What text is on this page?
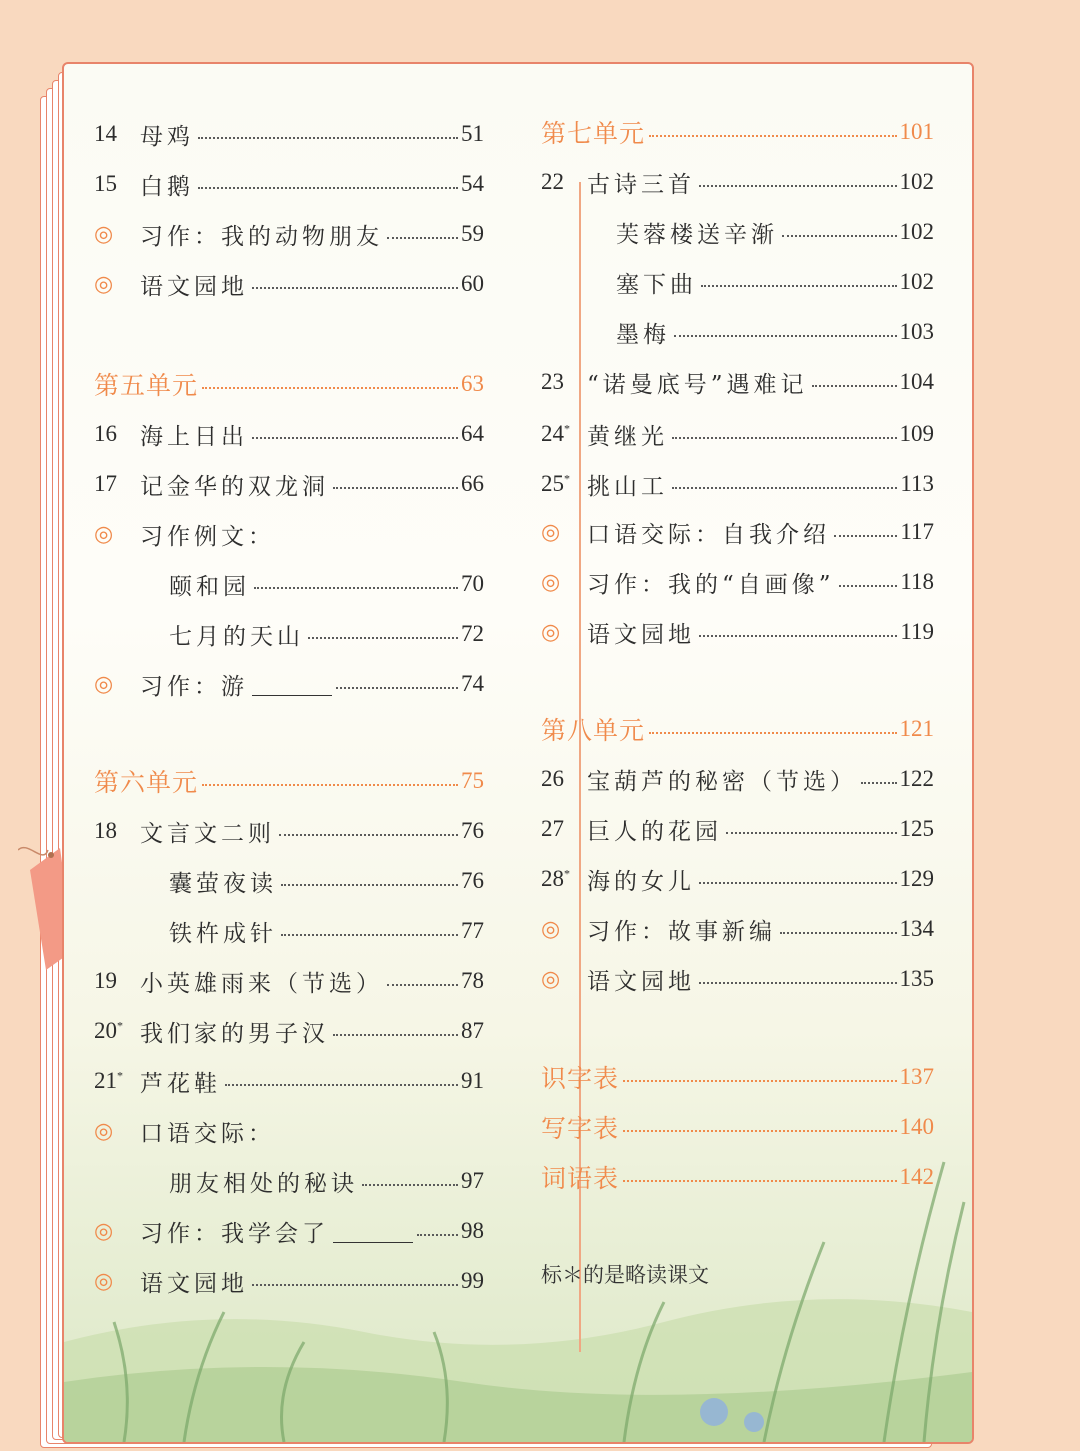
14	母鸡	51
15	白鹅	54
◎	习作：我的动物朋友	59
◎	语文园地	60
第五单元	63
16	海上日出	64
17	记金华的双龙洞	66
◎	习作例文：
颐和园	70
七月的天山	72
◎	习作：游	74
第六单元	75
18	文言文二则	76
囊萤夜读	76
铁杵成针	77
19	小英雄雨来（节选）	78
20* 我们家的男子汉	87
21* 芦花鞋	91
◎	口语交际：
朋友相处的秘诀	97
◎	习作：我学会了	98
◎	语文园地	99
第七单元	101
22	古诗三首	102
芙蓉楼送辛渐	102
塞下曲	102
墨梅	103
23	“诺曼底号”遇难记	104
24* 黄继光	109
25* 挑山工	113
◎	口语交际：自我介绍	117
◎	习作：我的“自画像”	118
◎	语文园地	119
第八单元	121
26	宝葫芦的秘密（节选） 122
27	巨人的花园	125
28* 海的女儿	129
◎	习作：故事新编	134
◎	语文园地	135
识字表	137
写字表	140
词语表	142
标＊的是略读课文
